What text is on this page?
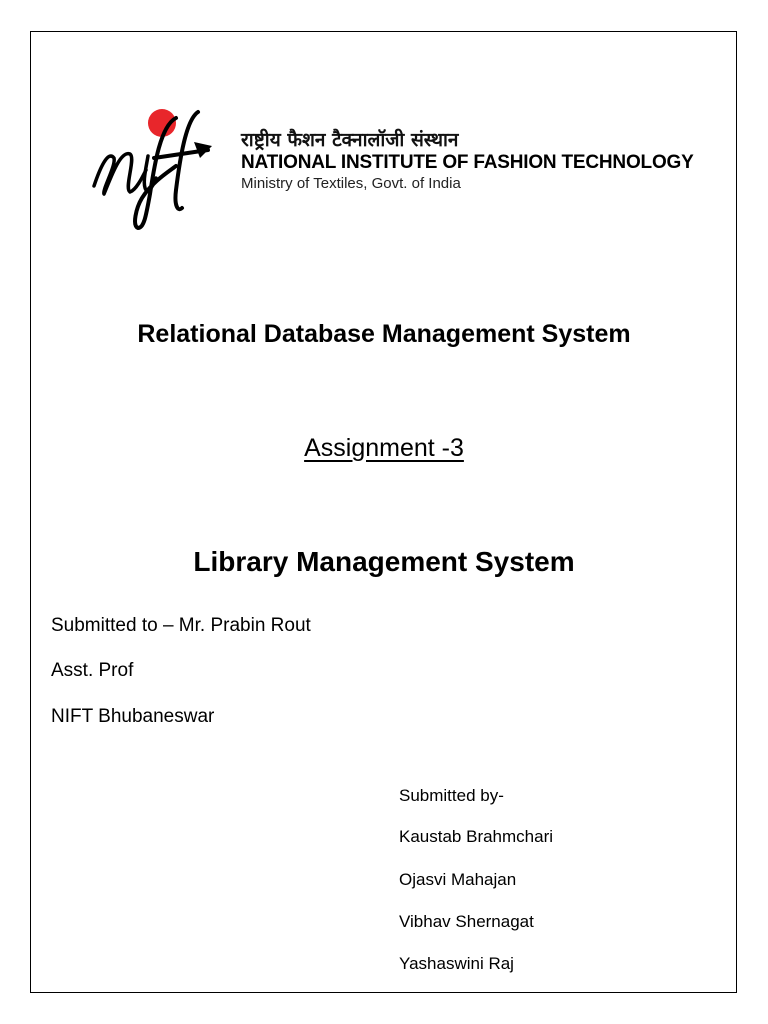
राष्ट्रीय फैशन टैक्नालॉजी संस्थान
NATIONAL INSTITUTE OF FASHION TECHNOLOGY
Ministry of Textiles, Govt. of India
Relational Database Management System
Assignment -3
Library Management System
Submitted to – Mr. Prabin Rout
Asst. Prof
NIFT Bhubaneswar
Submitted by-
Kaustab Brahmchari
Ojasvi Mahajan
Vibhav Shernagat
Yashaswini Raj
